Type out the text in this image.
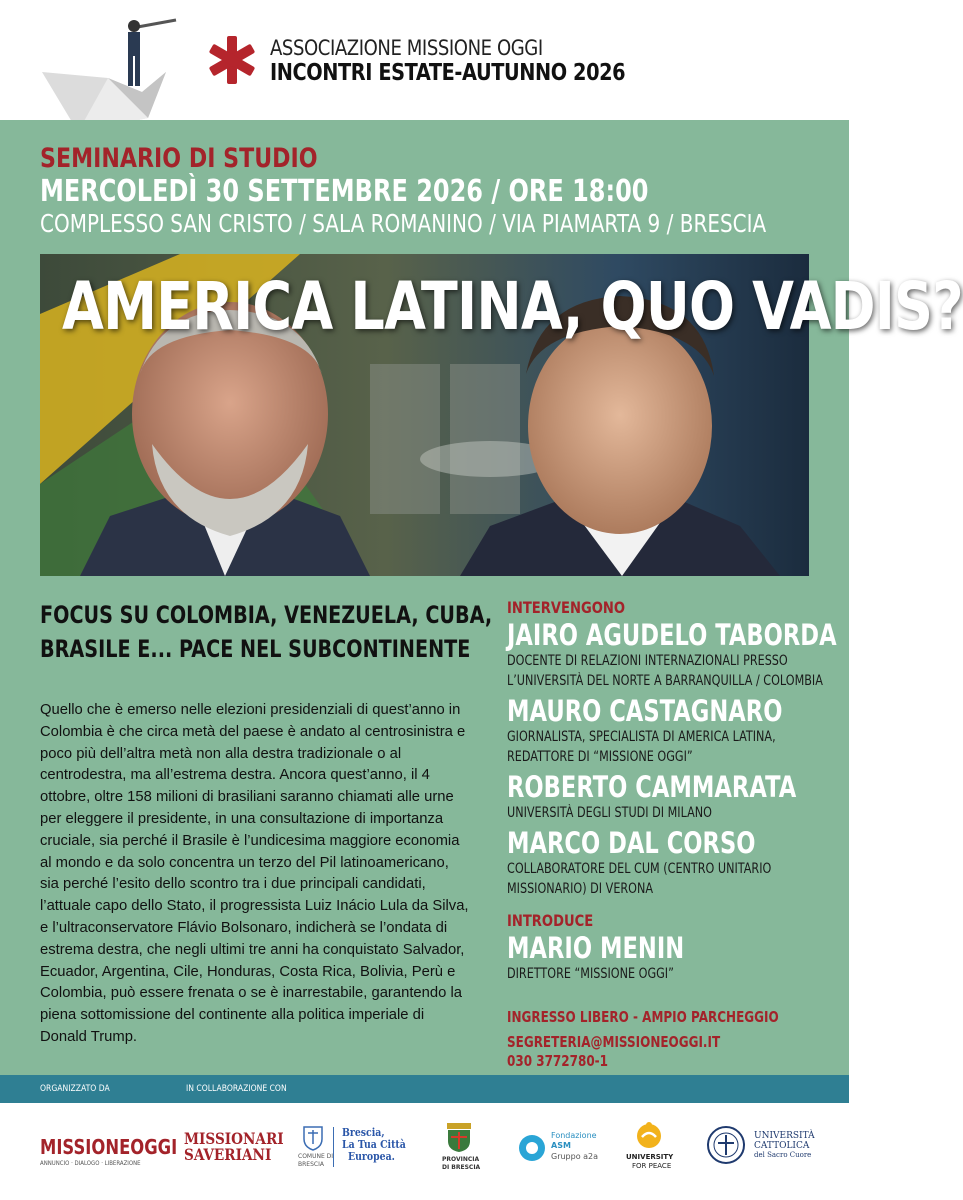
ASSOCIAZIONE MISSIONE OGGI
INCONTRI ESTATE-AUTUNNO 2026
SEMINARIO DI STUDIO
MERCOLEDÌ 30 SETTEMBRE 2026 / ORE 18:00
COMPLESSO SAN CRISTO / SALA ROMANINO / VIA PIAMARTA 9 / BRESCIA
AMERICA LATINA, QUO VADIS?
FOCUS SU COLOMBIA, VENEZUELA, CUBA,
BRASILE E... PACE NEL SUBCONTINENTE

Quello che è emerso nelle elezioni presidenziali di quest’anno in Colombia è che circa metà del paese è andato al centrosinistra e poco più dell’altra metà non alla destra tradizionale o al centrodestra, ma all’estrema destra. Ancora quest’anno, il 4 ottobre, oltre 158 milioni di brasiliani saranno chiamati alle urne per eleggere il presidente, in una consultazione di importanza cruciale, sia perché il Brasile è l’undicesima maggiore economia al mondo e da solo concentra un terzo del Pil latinoamericano, sia perché l’esito dello scontro tra i due principali candidati, l’attuale capo dello Stato, il progressista Luiz Inácio Lula da Silva, e l’ultraconservatore Flávio Bolsonaro, indicherà se l’ondata di estrema destra, che negli ultimi tre anni ha conquistato Salvador, Ecuador, Argentina, Cile, Honduras, Costa Rica, Bolivia, Perù e Colombia, può essere frenata o se è inarrestabile, garantendo la piena sottomissione del continente alla politica imperiale di Donald Trump.

INTERVENGONO
JAIRO AGUDELO TABORDA
DOCENTE DI RELAZIONI INTERNAZIONALI PRESSO
L’UNIVERSITÀ DEL NORTE A BARRANQUILLA / COLOMBIA
MAURO CASTAGNARO
GIORNALISTA, SPECIALISTA DI AMERICA LATINA,
REDATTORE DI “MISSIONE OGGI”
ROBERTO CAMMARATA
UNIVERSITÀ DEGLI STUDI DI MILANO
MARCO DAL CORSO
COLLABORATORE DEL CUM (CENTRO UNITARIO
MISSIONARIO) DI VERONA
INTRODUCE
MARIO MENIN
DIRETTORE “MISSIONE OGGI”
INGRESSO LIBERO - AMPIO PARCHEGGIO
SEGRETERIA@MISSIONEOGGI.IT
030 3772780-1
ORGANIZZATO DA	IN COLLABORAZIONE CON
MISSIONEOGGI
ANNUNCIO · DIALOGO · LIBERAZIONE
MISSIONARI
SAVERIANI	COMUNE DI
BRESCIA
Brescia,
La Tua Città
Europea.	PROVINCIA
DI BRESCIA
Fondazione
ASM
Gruppo a2a	UNIVERSITY
FOR PEACE
UNIVERSITÀ
CATTOLICA
del Sacro Cuore
